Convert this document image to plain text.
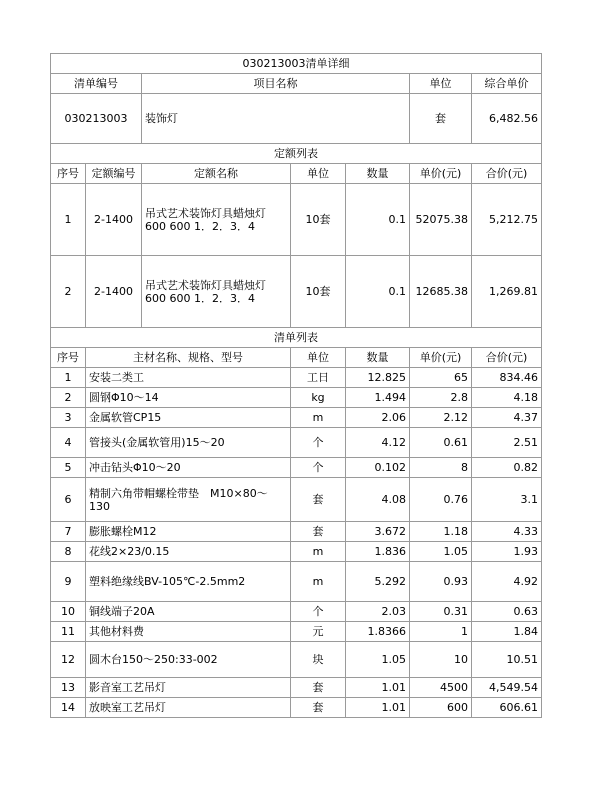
030213003清单详细						
清单编号		项目名称			单位	综合单价
030213003		装饰灯			套	6,482.56
定额列表						
序号	定额编号	定额名称	单位	数量	单价(元)	合价(元)
1	2-1400	吊式艺术装饰灯具蜡烛灯 600 600 1．2．3．4	10套	0.1	52075.38	5,212.75
2	2-1400	吊式艺术装饰灯具蜡烛灯 600 600 1．2．3．4	10套	0.1	12685.38	1,269.81
清单列表						
序号	主材名称、规格、型号		单位	数量	单价(元)	合价(元)
1	安装二类工		工日	12.825	65	834.46
2	圆钢Φ10～14		kg	1.494	2.8	4.18
3	金属软管CP15		m	2.06	2.12	4.37
4	管接头(金属软管用)15～20		个	4.12	0.61	2.51
5	冲击钻头Φ10～20		个	0.102	8	0.82
6	精制六角带帽螺栓带垫　M10×80～130		套	4.08	0.76	3.1
7	膨胀螺栓M12		套	3.672	1.18	4.33
8	花线2×23/0.15		m	1.836	1.05	1.93
9	塑料绝缘线BV-105℃-2.5mm2		m	5.292	0.93	4.92
10	铜线端子20A		个	2.03	0.31	0.63
11	其他材料费		元	1.8366	1	1.84
12	圆木台150～250:33-002		块	1.05	10	10.51
13	影音室工艺吊灯		套	1.01	4500	4,549.54
14	放映室工艺吊灯		套	1.01	600	606.61
